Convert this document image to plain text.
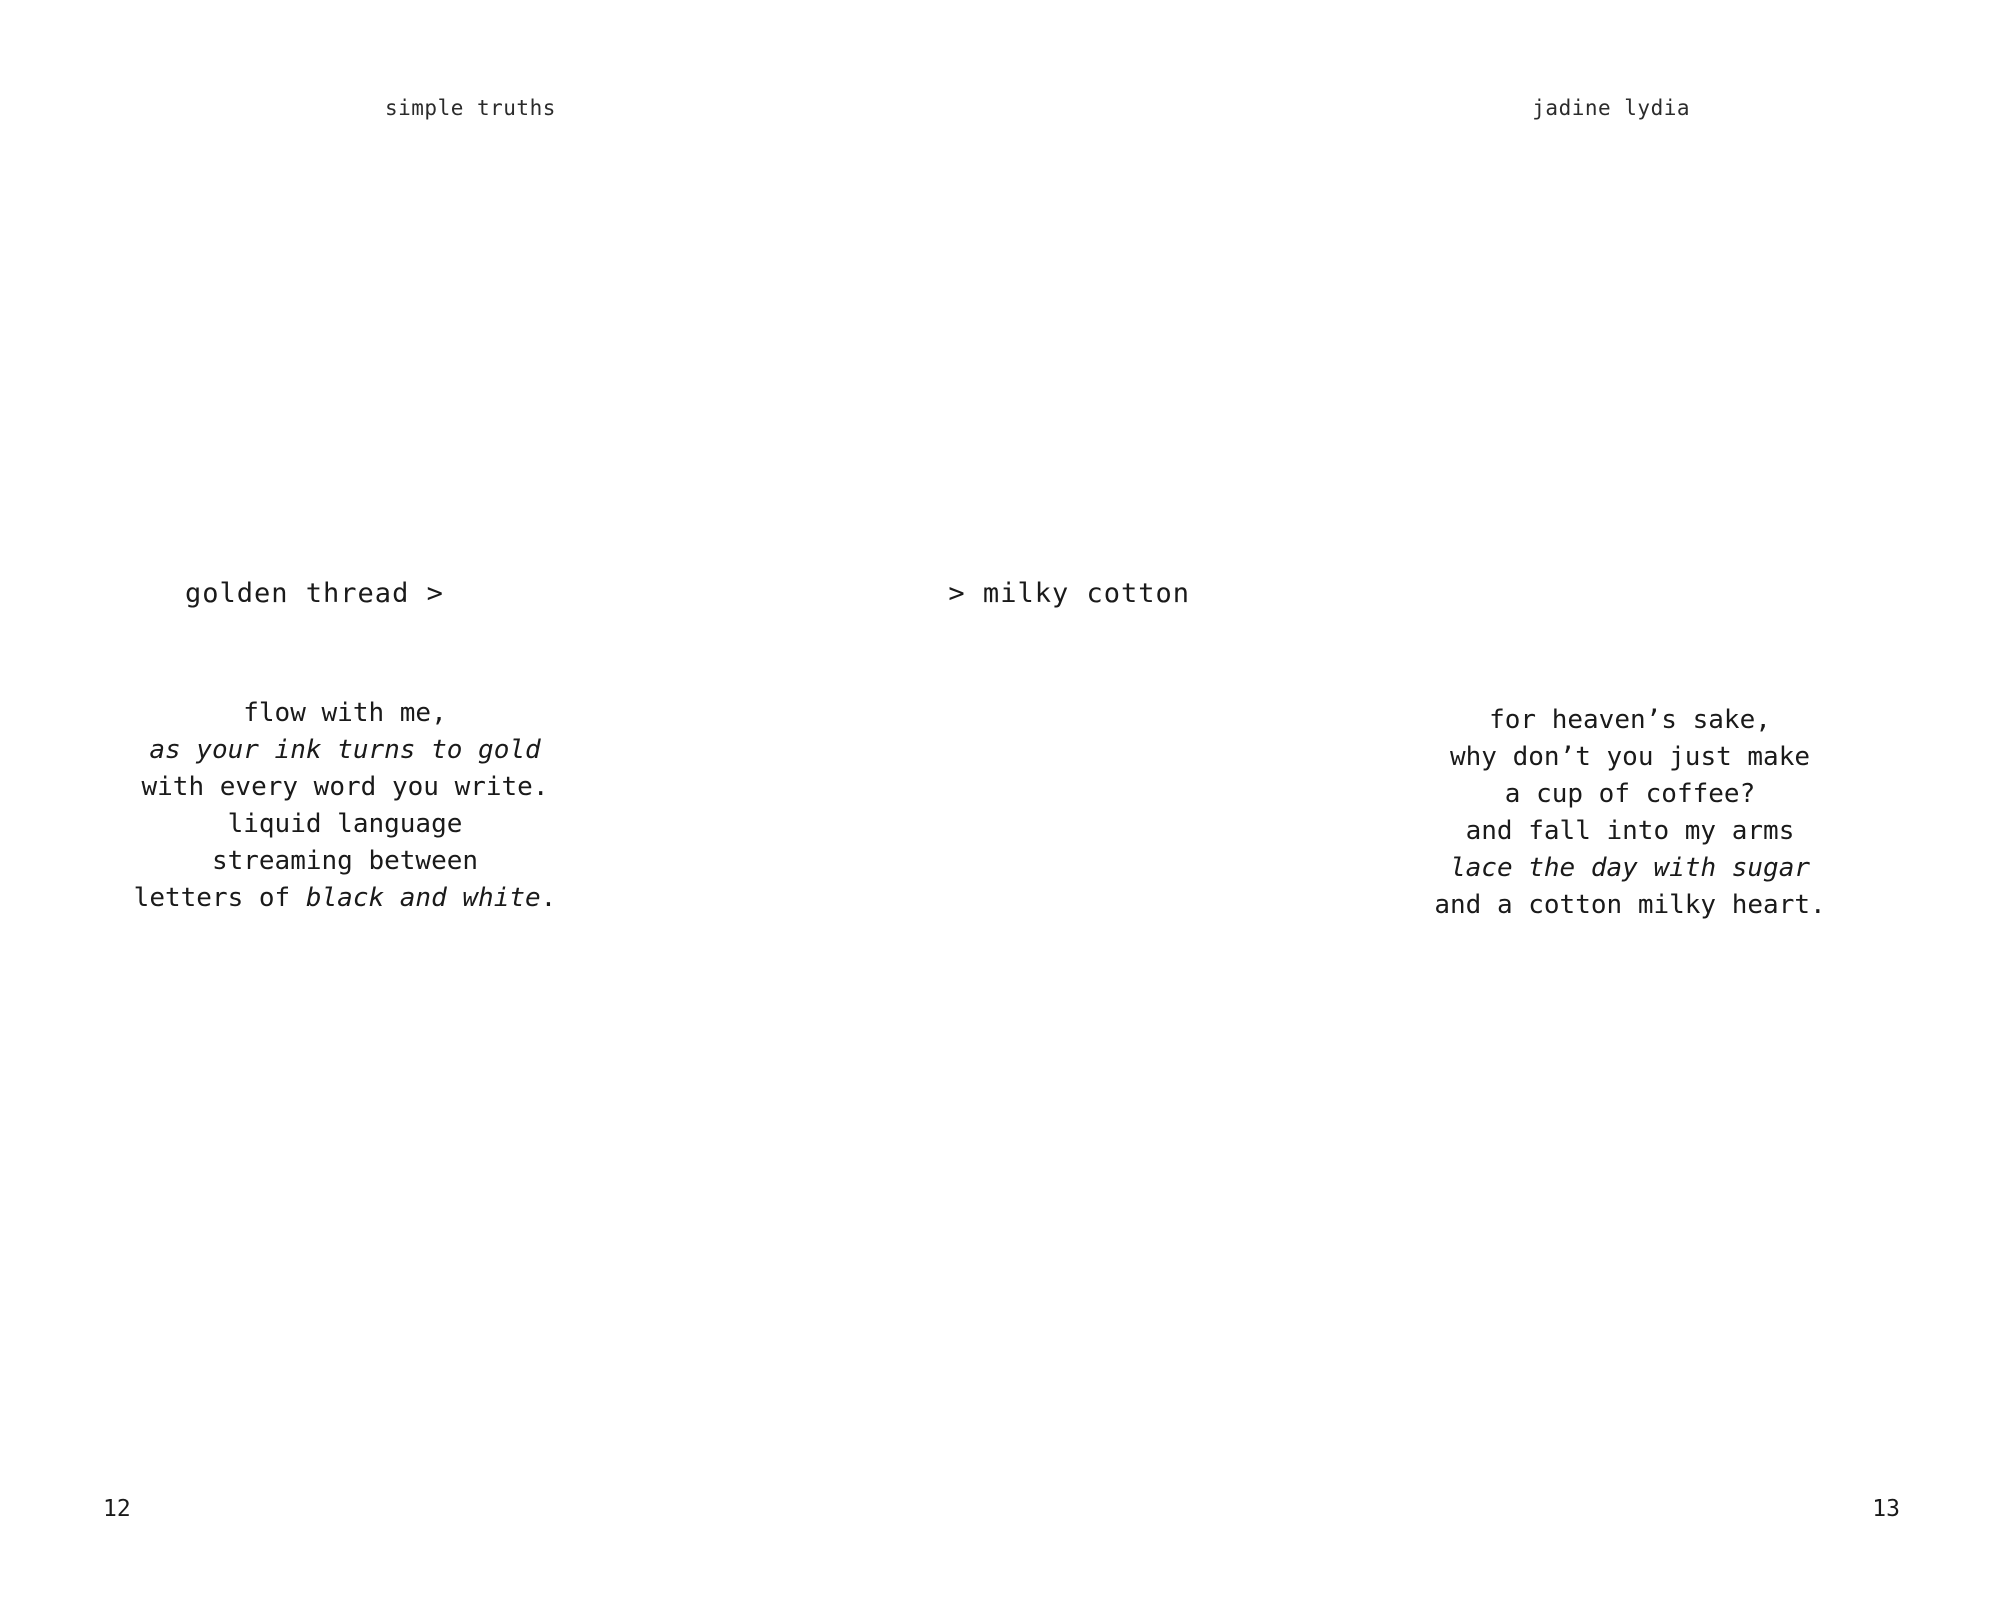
simple truths
golden thread >
flow with me,
as your ink turns to gold
with every word you write.
liquid language
streaming between
letters of black and white.
12
jadine lydia
> milky cotton
for heaven’s sake,
why don’t you just make
a cup of coffee?
and fall into my arms
lace the day with sugar
and a cotton milky heart.
13
